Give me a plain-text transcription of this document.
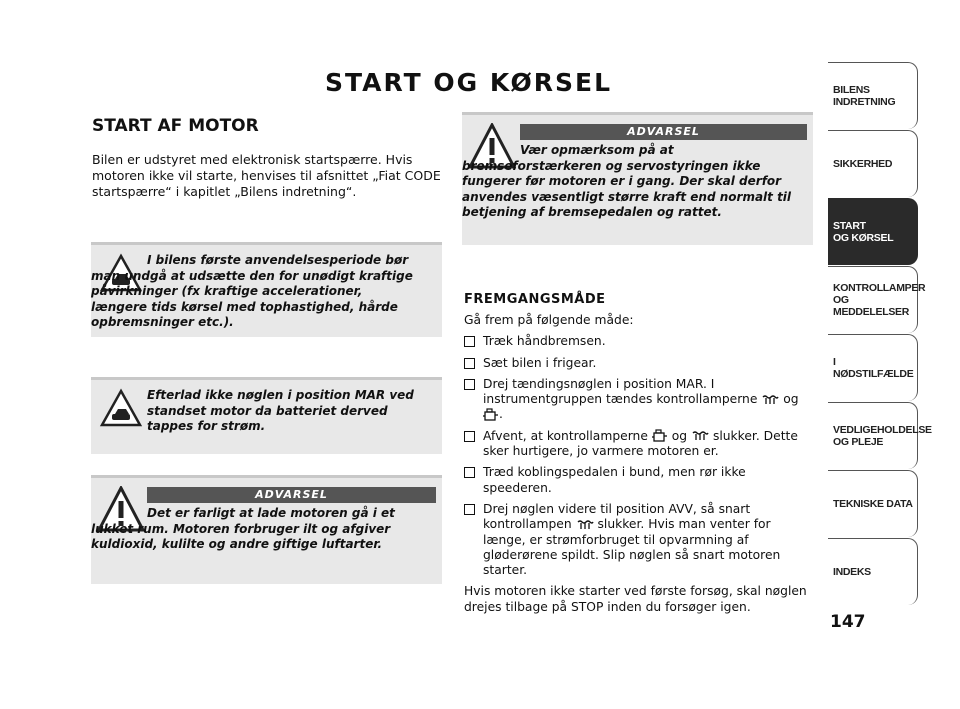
START OG KØRSEL
START AF MOTOR

Bilen er udstyret med elektronisk startspærre. Hvis motoren ikke vil starte, henvises til afsnittet „Fiat CODE startspærre“ i kapitlet „Bilens indretning“.

I bilens første anvendelsesperiode bør man undgå at udsætte den for unødigt kraftige påvirkninger (fx kraftige accelerationer, længere tids kørsel med tophastighed, hårde opbremsninger etc.).
Efterlad ikke nøglen i position MAR ved standset motor da batteriet derved tappes for strøm.
ADVARSEL
Det er farligt at lade motoren gå i et lukket rum. Motoren forbruger ilt og afgiver kuldioxid, kulilte og andre giftige luftarter.
ADVARSEL
Vær opmærksom på at bremseforstærkeren og servostyringen ikke fungerer før motoren er i gang. Der skal derfor anvendes væsentligt større kraft end normalt til betjening af bremsepedalen og rattet.
FREMGANGSMÅDE

Gå frem på følgende måde:

Træk håndbremsen.
Sæt bilen i frigear.
Drej tændingsnøglen i position MAR. I instrumentgruppen tændes kontrollamperne og .
Afvent, at kontrollamperne og slukker. Dette sker hurtigere, jo varmere motoren er.
Træd koblingspedalen i bund, men rør ikke speederen.
Drej nøglen videre til position AVV, så snart kontrollampen slukker. Hvis man venter for længe, er strømforbruget til opvarmning af gløderørene spildt. Slip nøglen så snart motoren starter.

Hvis motoren ikke starter ved første forsøg, skal nøglen drejes tilbage på STOP inden du forsøger igen.

BILENS
INDRETNING
SIKKERHED
START
OG KØRSEL
KONTROLLAMPER
OG MEDDELELSER
I NØDSTILFÆLDE
VEDLIGEHOLDELSE
OG PLEJE
TEKNISKE DATA
INDEKS

147
